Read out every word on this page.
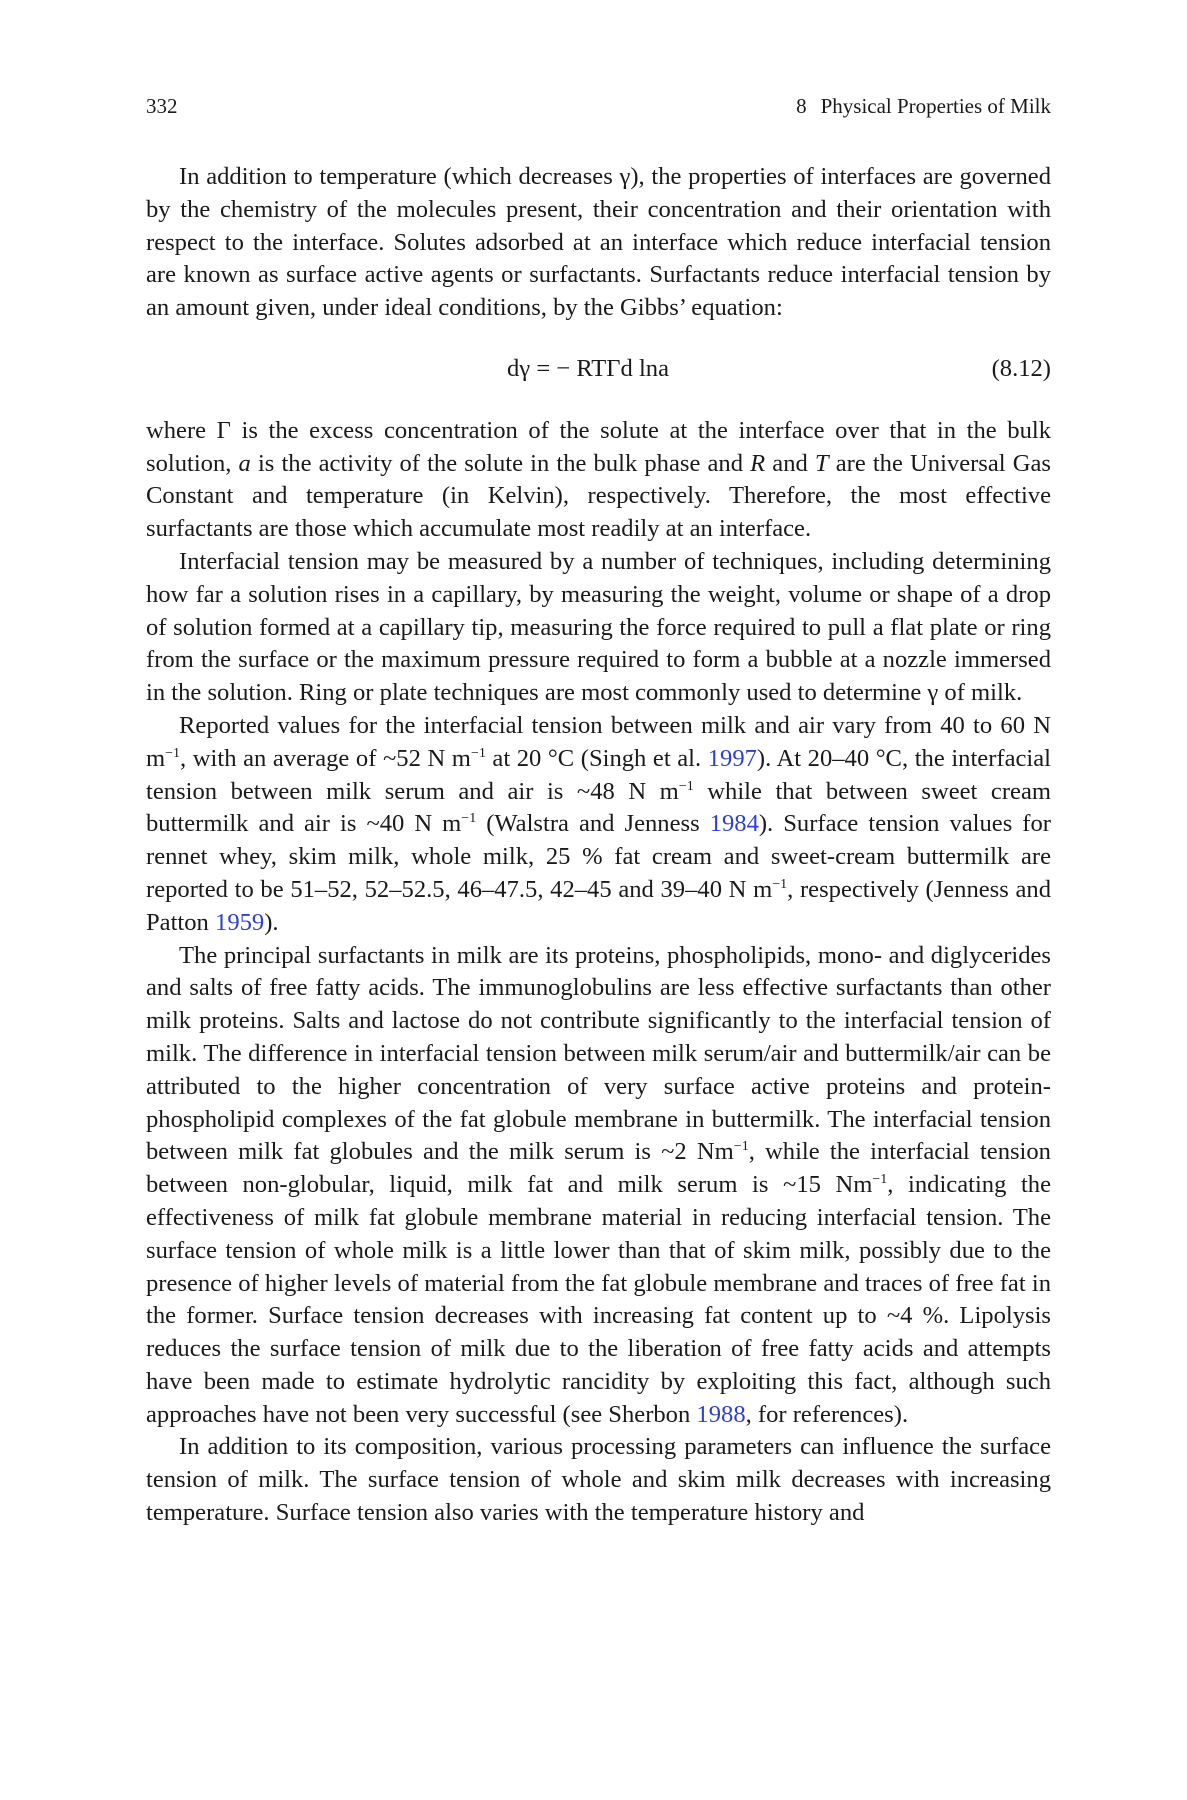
332	8 Physical Properties of Milk

In addition to temperature (which decreases γ), the properties of interfaces are governed by the chemistry of the molecules present, their concentration and their orientation with respect to the interface. Solutes adsorbed at an interface which reduce interfacial tension are known as surface active agents or surfactants. Surfactants reduce interfacial tension by an amount given, under ideal conditions, by the Gibbs’ equation:

dγ = − RTΓd lna	(8.12)

where Γ is the excess concentration of the solute at the interface over that in the bulk solution, a is the activity of the solute in the bulk phase and R and T are the Universal Gas Constant and temperature (in Kelvin), respectively. Therefore, the most effective surfactants are those which accumulate most readily at an interface.

Interfacial tension may be measured by a number of techniques, including determining how far a solution rises in a capillary, by measuring the weight, volume or shape of a drop of solution formed at a capillary tip, measuring the force required to pull a flat plate or ring from the surface or the maximum pressure required to form a bubble at a nozzle immersed in the solution. Ring or plate techniques are most commonly used to determine γ of milk.

Reported values for the interfacial tension between milk and air vary from 40 to 60 N $m^{-1}$, with an average of ~52 N $m^{-1}$ at 20 °C (Singh et al. 1997). At 20–40 °C, the interfacial tension between milk serum and air is ~48 N $m^{-1}$ while that between sweet cream buttermilk and air is ~40 N $m^{-1}$ (Walstra and Jenness 1984). Surface tension values for rennet whey, skim milk, whole milk, 25 % fat cream and sweet-cream buttermilk are reported to be 51–52, 52–52.5, 46–47.5, 42–45 and 39–40 N $m^{-1}$, respectively (Jenness and Patton 1959).

The principal surfactants in milk are its proteins, phospholipids, mono- and diglycerides and salts of free fatty acids. The immunoglobulins are less effective surfactants than other milk proteins. Salts and lactose do not contribute significantly to the interfacial tension of milk. The difference in interfacial tension between milk serum/air and buttermilk/air can be attributed to the higher concentration of very surface active proteins and protein-phospholipid complexes of the fat globule membrane in buttermilk. The interfacial tension between milk fat globules and the milk serum is ~2 $Nm^{-1}$, while the interfacial tension between non-globular, liquid, milk fat and milk serum is ~15 $Nm^{-1}$, indicating the effectiveness of milk fat globule membrane material in reducing interfacial tension. The surface tension of whole milk is a little lower than that of skim milk, possibly due to the presence of higher levels of material from the fat globule membrane and traces of free fat in the former. Surface tension decreases with increasing fat content up to ~4 %. Lipolysis reduces the surface tension of milk due to the liberation of free fatty acids and attempts have been made to estimate hydrolytic rancidity by exploiting this fact, although such approaches have not been very successful (see Sherbon 1988, for references).

In addition to its composition, various processing parameters can influence the surface tension of milk. The surface tension of whole and skim milk decreases with increasing temperature. Surface tension also varies with the temperature history and
